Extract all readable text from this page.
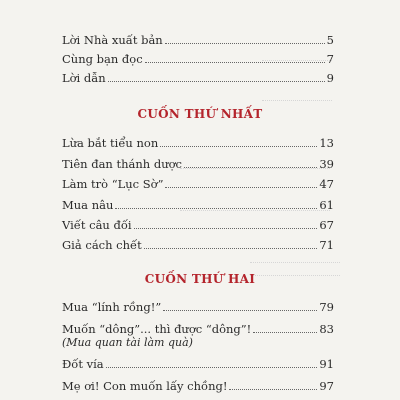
Lời Nhà xuất bản	5
Cùng bạn đọc	7
Lời dẫn	9
CUỐN THỨ NHẤT
Lừa bắt tiểu non	13
Tiên đan thánh dược	39
Làm trò “Lục Sờ”	47
Mua nâu	61
Viết câu đối	67
Giả cách chết	71
CUỐN THỨ HAI
Mua “lính rồng!”	79
Muốn “dông”... thì được “dông”!	83
(Mua quan tài làm quà)
Đốt vía	91
Mẹ ơi! Con muốn lấy chồng!	97
